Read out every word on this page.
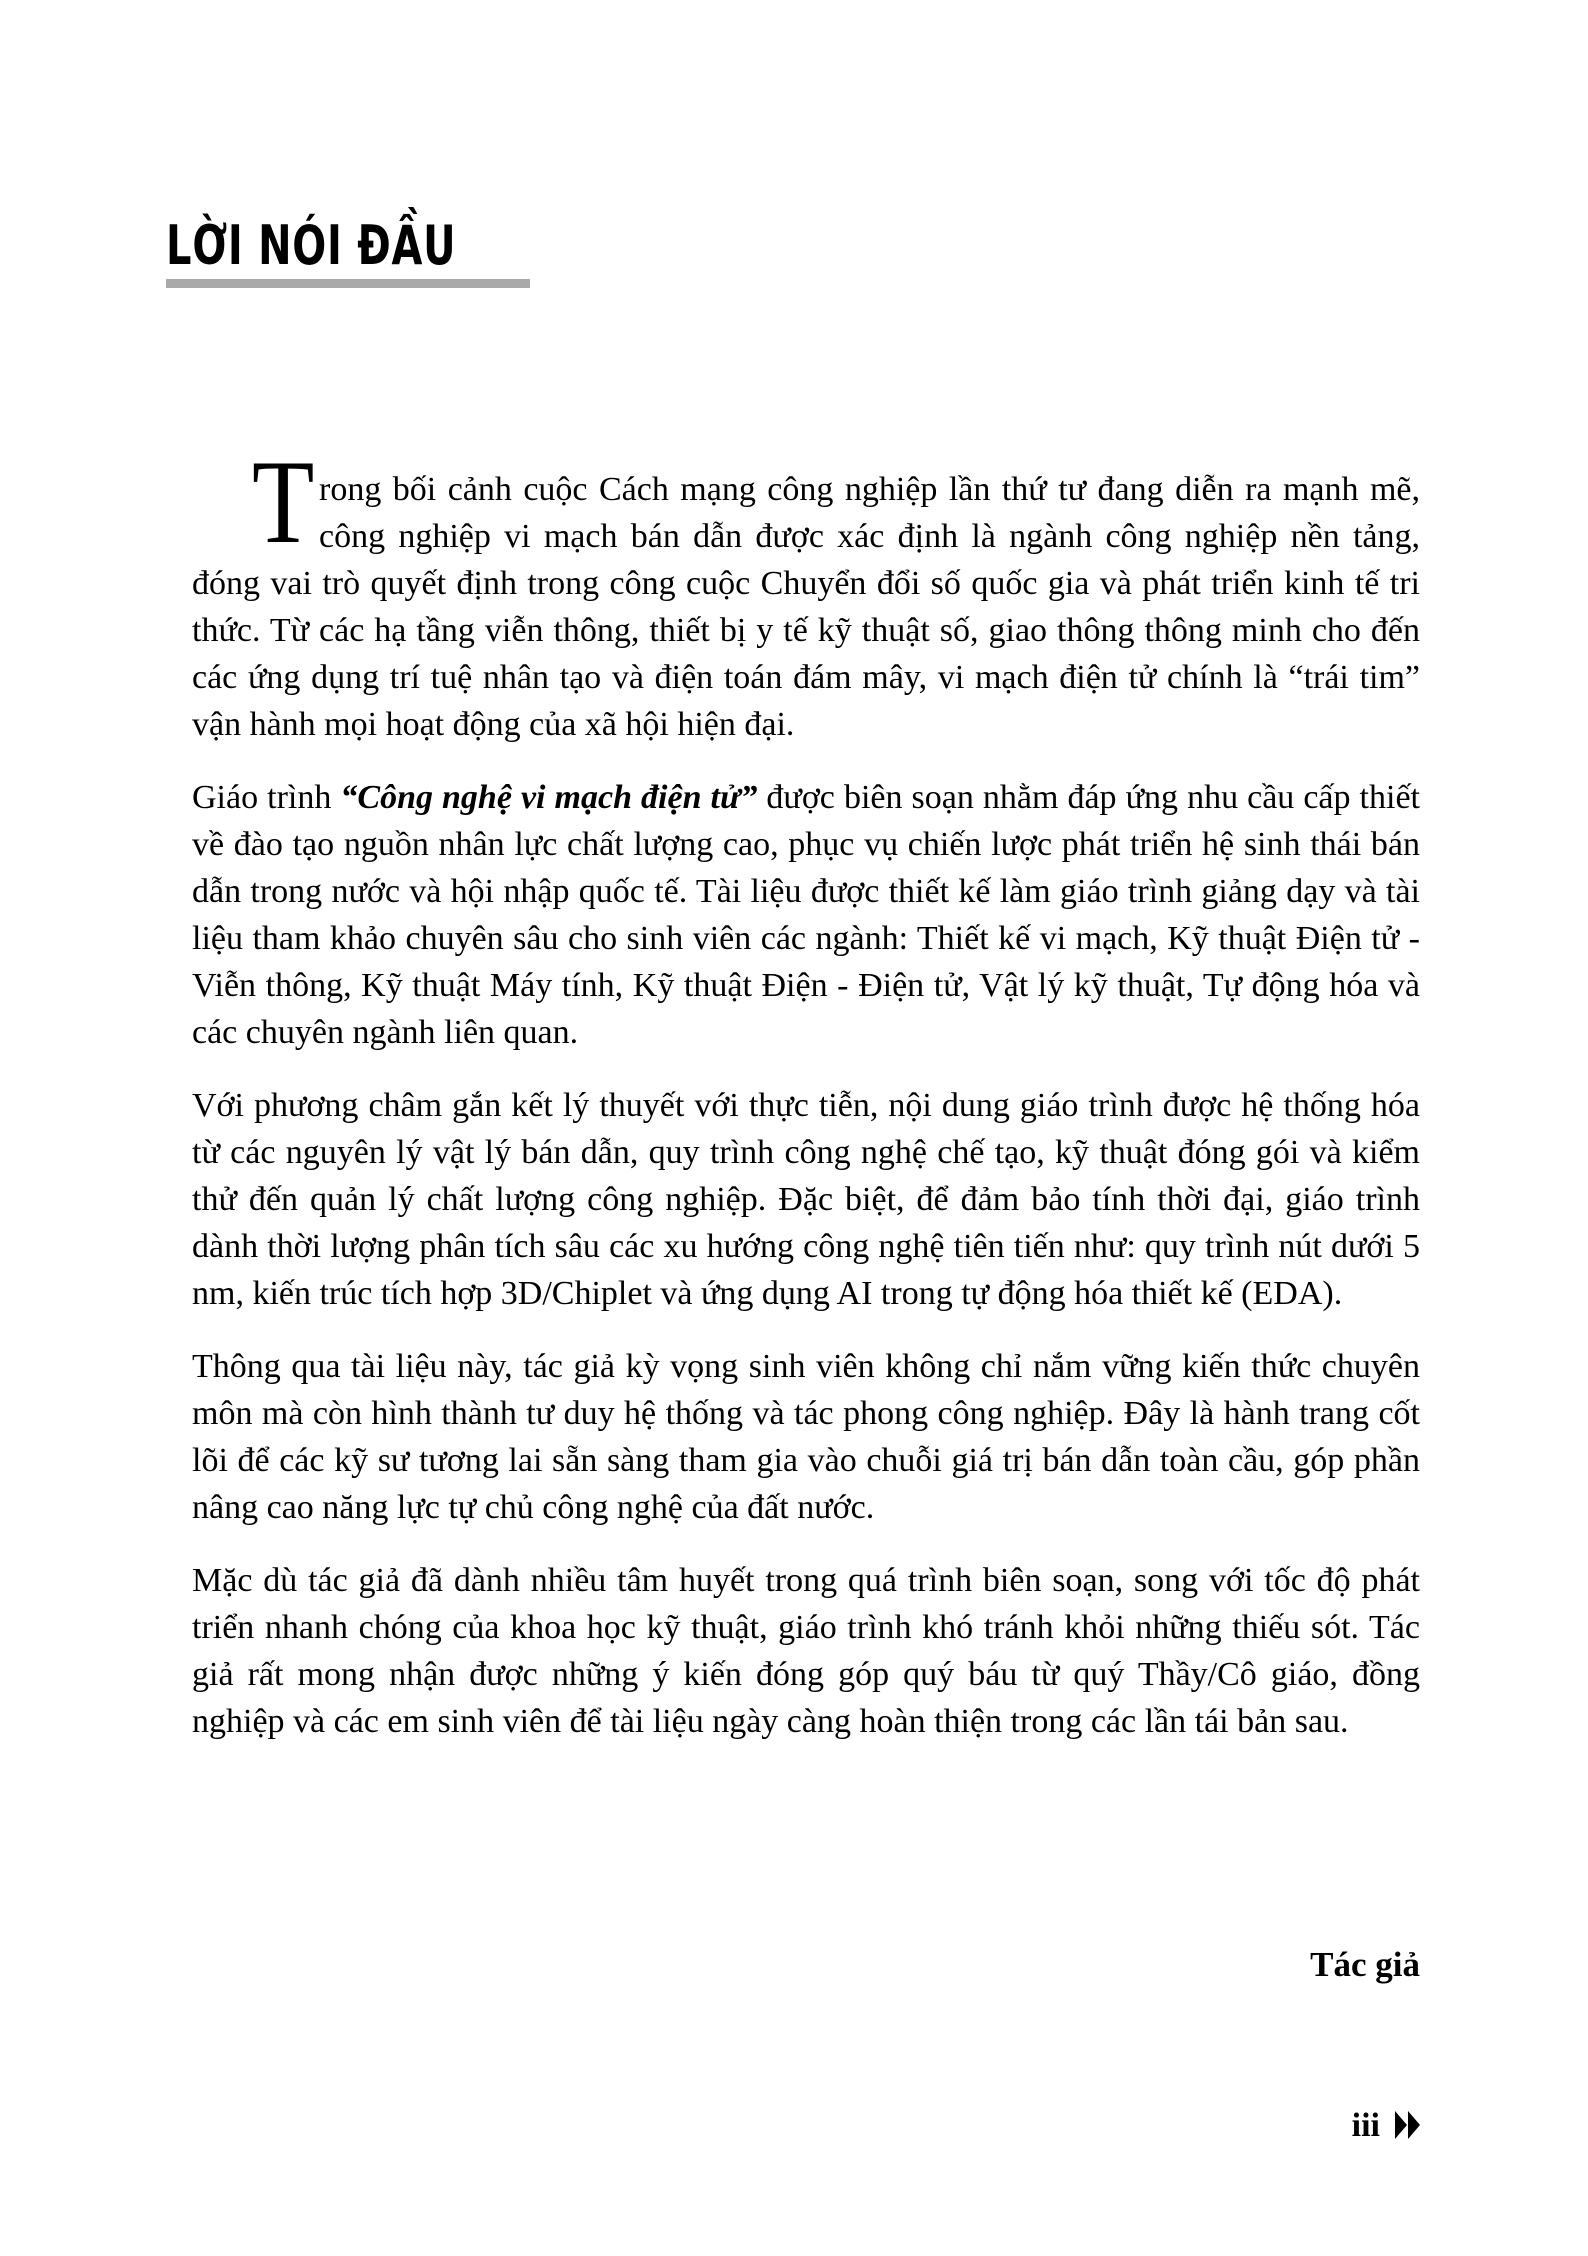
LỜI NÓI ĐẦU

Trong bối cảnh cuộc Cách mạng công nghiệp lần thứ tư đang diễn ra mạnh mẽ, công nghiệp vi mạch bán dẫn được xác định là ngành công nghiệp nền tảng, đóng vai trò quyết định trong công cuộc Chuyển đổi số quốc gia và phát triển kinh tế tri thức. Từ các hạ tầng viễn thông, thiết bị y tế kỹ thuật số, giao thông thông minh cho đến các ứng dụng trí tuệ nhân tạo và điện toán đám mây, vi mạch điện tử chính là “trái tim” vận hành mọi hoạt động của xã hội hiện đại.

Giáo trình “Công nghệ vi mạch điện tử” được biên soạn nhằm đáp ứng nhu cầu cấp thiết về đào tạo nguồn nhân lực chất lượng cao, phục vụ chiến lược phát triển hệ sinh thái bán dẫn trong nước và hội nhập quốc tế. Tài liệu được thiết kế làm giáo trình giảng dạy và tài liệu tham khảo chuyên sâu cho sinh viên các ngành: Thiết kế vi mạch, Kỹ thuật Điện tử - Viễn thông, Kỹ thuật Máy tính, Kỹ thuật Điện - Điện tử, Vật lý kỹ thuật, Tự động hóa và các chuyên ngành liên quan.

Với phương châm gắn kết lý thuyết với thực tiễn, nội dung giáo trình được hệ thống hóa từ các nguyên lý vật lý bán dẫn, quy trình công nghệ chế tạo, kỹ thuật đóng gói và kiểm thử đến quản lý chất lượng công nghiệp. Đặc biệt, để đảm bảo tính thời đại, giáo trình dành thời lượng phân tích sâu các xu hướng công nghệ tiên tiến như: quy trình nút dưới 5 nm, kiến trúc tích hợp 3D/Chiplet và ứng dụng AI trong tự động hóa thiết kế (EDA).

Thông qua tài liệu này, tác giả kỳ vọng sinh viên không chỉ nắm vững kiến thức chuyên môn mà còn hình thành tư duy hệ thống và tác phong công nghiệp. Đây là hành trang cốt lõi để các kỹ sư tương lai sẵn sàng tham gia vào chuỗi giá trị bán dẫn toàn cầu, góp phần nâng cao năng lực tự chủ công nghệ của đất nước.

Mặc dù tác giả đã dành nhiều tâm huyết trong quá trình biên soạn, song với tốc độ phát triển nhanh chóng của khoa học kỹ thuật, giáo trình khó tránh khỏi những thiếu sót. Tác giả rất mong nhận được những ý kiến đóng góp quý báu từ quý Thầy/Cô giáo, đồng nghiệp và các em sinh viên để tài liệu ngày càng hoàn thiện trong các lần tái bản sau.

Tác giả
iii
